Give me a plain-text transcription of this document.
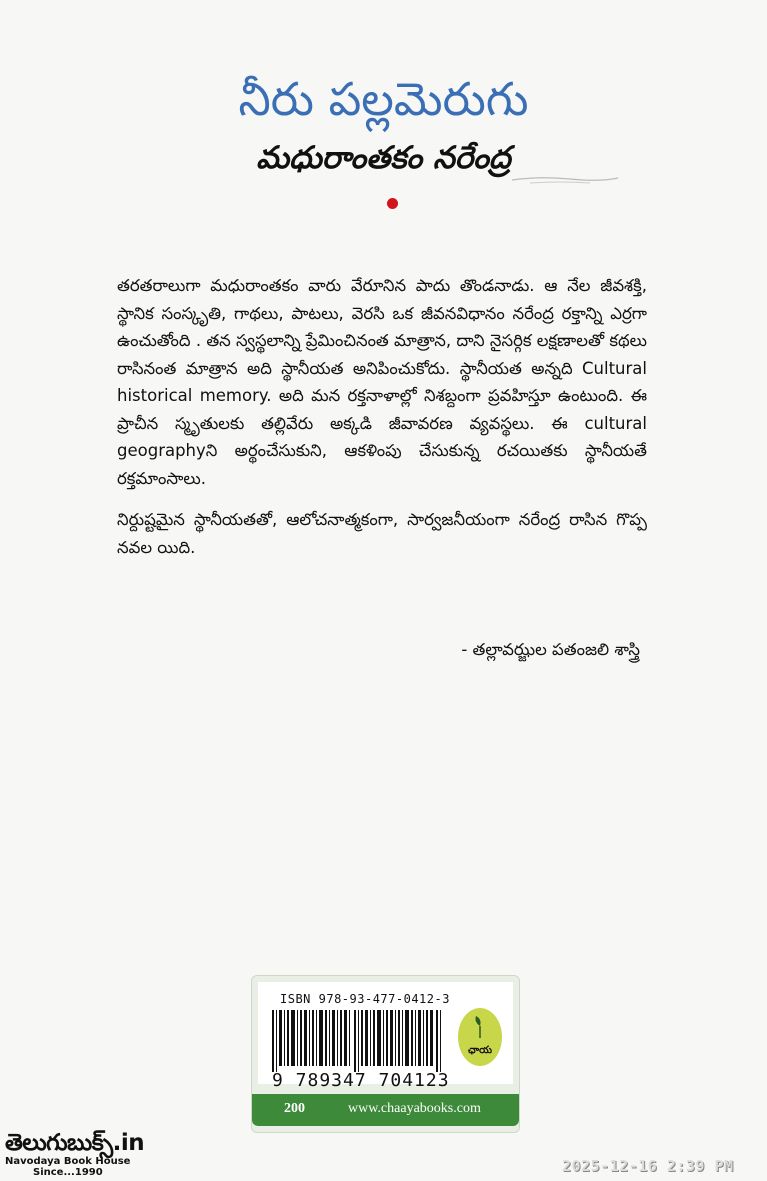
నీరు పల్లమెరుగు
మధురాంతకం నరేంద్ర

తరతరాలుగా మధురాంతకం వారు వేరూనిన పాదు తొండనాడు. ఆ నేల జీవశక్తి, స్థానిక సంస్కృతి, గాథలు, పాటలు, వెరసి ఒక జీవనవిధానం నరేంద్ర రక్తాన్ని ఎర్రగా ఉంచుతోంది . తన స్వస్థలాన్ని ప్రేమించినంత మాత్రాన, దాని నైసర్గిక లక్షణాలతో కథలు రాసినంత మాత్రాన అది స్థానీయత అనిపించుకోదు. స్థానీయత అన్నది Cultural historical memory. అది మన రక్తనాళాల్లో నిశబ్దంగా ప్రవహిస్తూ ఉంటుంది. ఈ ప్రాచీన స్మృతులకు తల్లివేరు అక్కడి జీవావరణ వ్యవస్థలు. ఈ cultural geographyని అర్థంచేసుకుని, ఆకళింపు చేసుకున్న రచయితకు స్థానీయతే రక్తమాంసాలు.

నిర్దుష్టమైన స్థానీయతతో, ఆలోచనాత్మకంగా, సార్వజనీయంగా నరేంద్ర రాసిన గొప్ప నవల యిది.

- తల్లావఝ్జల పతంజలి శాస్త్రి
ISBN 978-93-477-0412-3
9 789347 704123
ఛాయ
200	www.chaayabooks.com
తెలుగుబుక్స్.in
Navodaya Book House
Since...1990	2025-12-16 2:39 PM
